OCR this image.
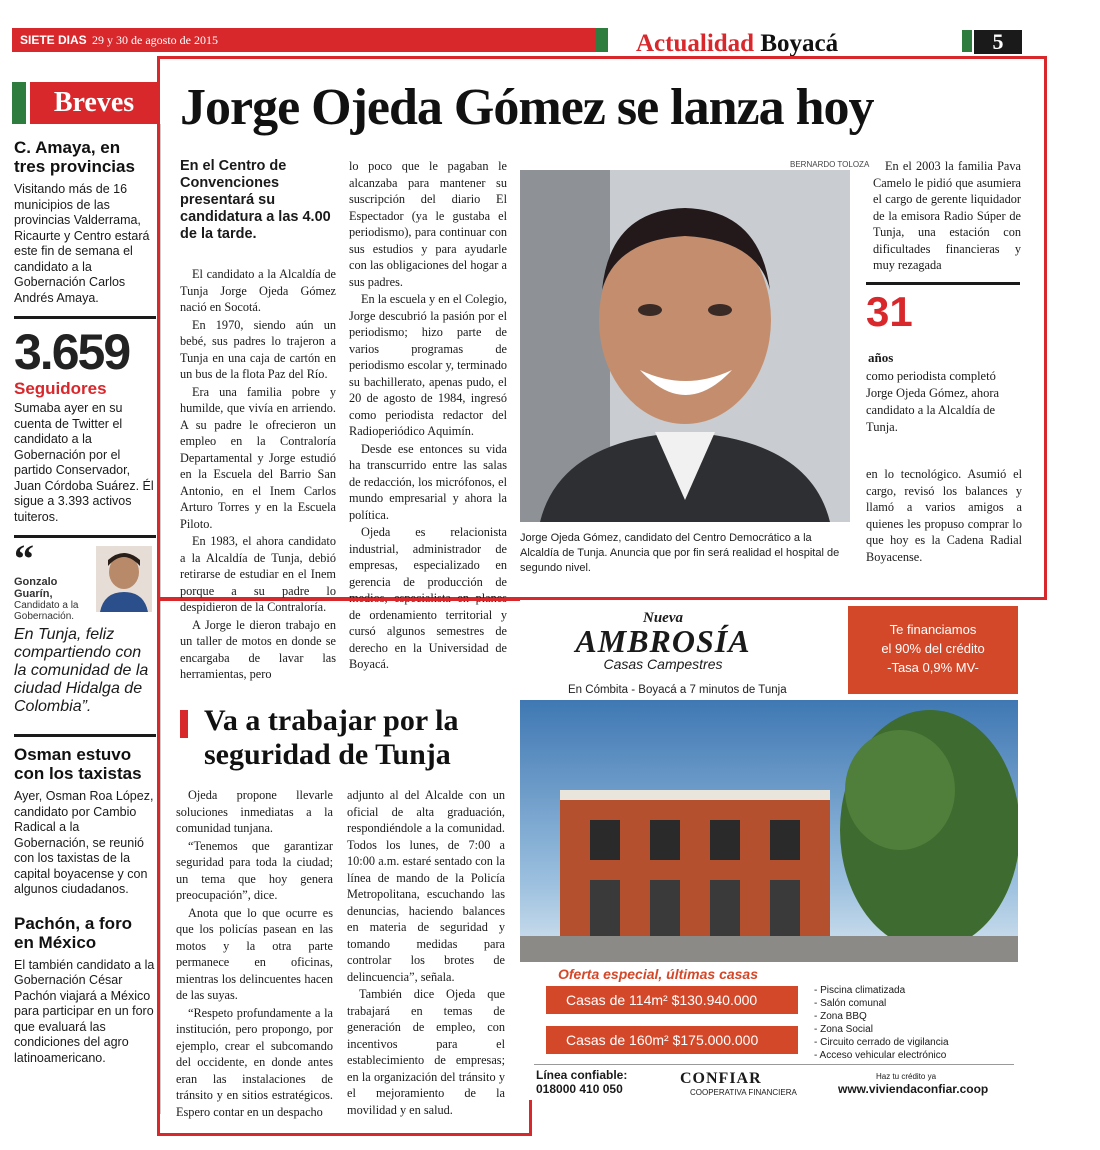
SIETE DIAS 29 y 30 de agosto de 2015	Actualidad Boyacá	5
Breves
C. Amaya, en tres provincias
Visitando más de 16 municipios de las provincias Valderrama, Ricaurte y Centro estará este fin de semana el candidato a la Gobernación Carlos Andrés Amaya.
3.659
Seguidores
Sumaba ayer en su cuenta de Twitter el candidato a la Gobernación por el partido Conservador, Juan Córdoba Suárez. Él sigue a 3.393 activos tuiteros.
“
Gonzalo Guarín,
Candidato a la Gobernación.
En Tunja, feliz compartiendo con la comunidad de la ciudad Hidalga de Colombia”.
Osman estuvo con los taxistas
Ayer, Osman Roa López, candidato por Cambio Radical a la Gobernación, se reunió con los taxistas de la capital boyacense y con algunos ciudadanos.
Pachón, a foro en México
El también candidato a la Gobernación César Pachón viajará a México para participar en un foro que evaluará las condiciones del agro latinoamericano.
Jorge Ojeda Gómez se lanza hoy
En el Centro de Convenciones presentará su candidatura a las 4.00 de la tarde.

El candidato a la Alcaldía de Tunja Jorge Ojeda Gómez nació en Socotá.

En 1970, siendo aún un bebé, sus padres lo trajeron a Tunja en una caja de cartón en un bus de la flota Paz del Río.

Era una familia pobre y humilde, que vivía en arriendo. A su padre le ofrecieron un empleo en la Contraloría Departamental y Jorge estudió en la Escuela del Barrio San Antonio, en el Inem Carlos Arturo Torres y en la Escuela Piloto.

En 1983, el ahora candidato a la Alcaldía de Tunja, debió retirarse de estudiar en el Inem porque a su padre lo despidieron de la Contraloría.

A Jorge le dieron trabajo en un taller de motos en donde se encargaba de lavar las herramientas, pero

lo poco que le pagaban le alcanzaba para mantener su suscripción del diario El Espectador (ya le gustaba el periodismo), para continuar con sus estudios y para ayudarle con las obligaciones del hogar a sus padres.

En la escuela y en el Colegio, Jorge descubrió la pasión por el periodismo; hizo parte de varios programas de periodismo escolar y, terminado su bachillerato, apenas pudo, el 20 de agosto de 1984, ingresó como periodista redactor del Radioperiódico Aquimín.

Desde ese entonces su vida ha transcurrido entre las salas de redacción, los micrófonos, el mundo empresarial y ahora la política.

Ojeda es relacionista industrial, administrador de empresas, especializado en gerencia de producción de medios, especialista en planes de ordenamiento territorial y cursó algunos semestres de derecho en la Universidad de Boyacá.

BERNARDO TOLOZA
Jorge Ojeda Gómez, candidato del Centro Democrático a la Alcaldía de Tunja. Anuncia que por fin será realidad el hospital de segundo nivel.

En el 2003 la familia Pava Camelo le pidió que asumiera el cargo de gerente liquidador de la emisora Radio Súper de Tunja, una estación con dificultades financieras y muy rezagada

31
años
como periodista completó Jorge Ojeda Gómez, ahora candidato a la Alcaldía de Tunja.

en lo tecnológico. Asumió el cargo, revisó los balances y llamó a varios amigos a quienes les propuso comprar lo que hoy es la Cadena Radial Boyacense.

Va a trabajar por la seguridad de Tunja

Ojeda propone llevarle soluciones inmediatas a la comunidad tunjana.

“Tenemos que garantizar seguridad para toda la ciudad; un tema que hoy genera preocupación”, dice.

Anota que lo que ocurre es que los policías pasean en las motos y la otra parte permanece en oficinas, mientras los delincuentes hacen de las suyas.

“Respeto profundamente a la institución, pero propongo, por ejemplo, crear el subcomando del occidente, en donde antes eran las instalaciones de tránsito y en sitios estratégicos. Espero contar en un despacho

adjunto al del Alcalde con un oficial de alta graduación, respondiéndole a la comunidad. Todos los lunes, de 7:00 a 10:00 a.m. estaré sentado con la línea de mando de la Policía Metropolitana, escuchando las denuncias, haciendo balances en materia de seguridad y tomando medidas para controlar los brotes de delincuencia”, señala.

También dice Ojeda que trabajará en temas de generación de empleo, con incentivos para el establecimiento de empresas; en la organización del tránsito y el mejoramiento de la movilidad y en salud.

Nueva
AMBROSÍA
Casas Campestres
En Cómbita - Boyacá a 7 minutos de Tunja
Te financiamos
el 90% del crédito
-Tasa 0,9% MV-
Oferta especial, últimas casas
Casas de 114m² $130.940.000
Casas de 160m² $175.000.000
- Piscina climatizada
- Salón comunal
- Zona BBQ
- Zona Social
- Circuito cerrado de vigilancia
- Acceso vehicular electrónico
Línea confiable:
018000 410 050
CONFIAR
COOPERATIVA FINANCIERA
Haz tu crédito ya
www.viviendaconfiar.coop
